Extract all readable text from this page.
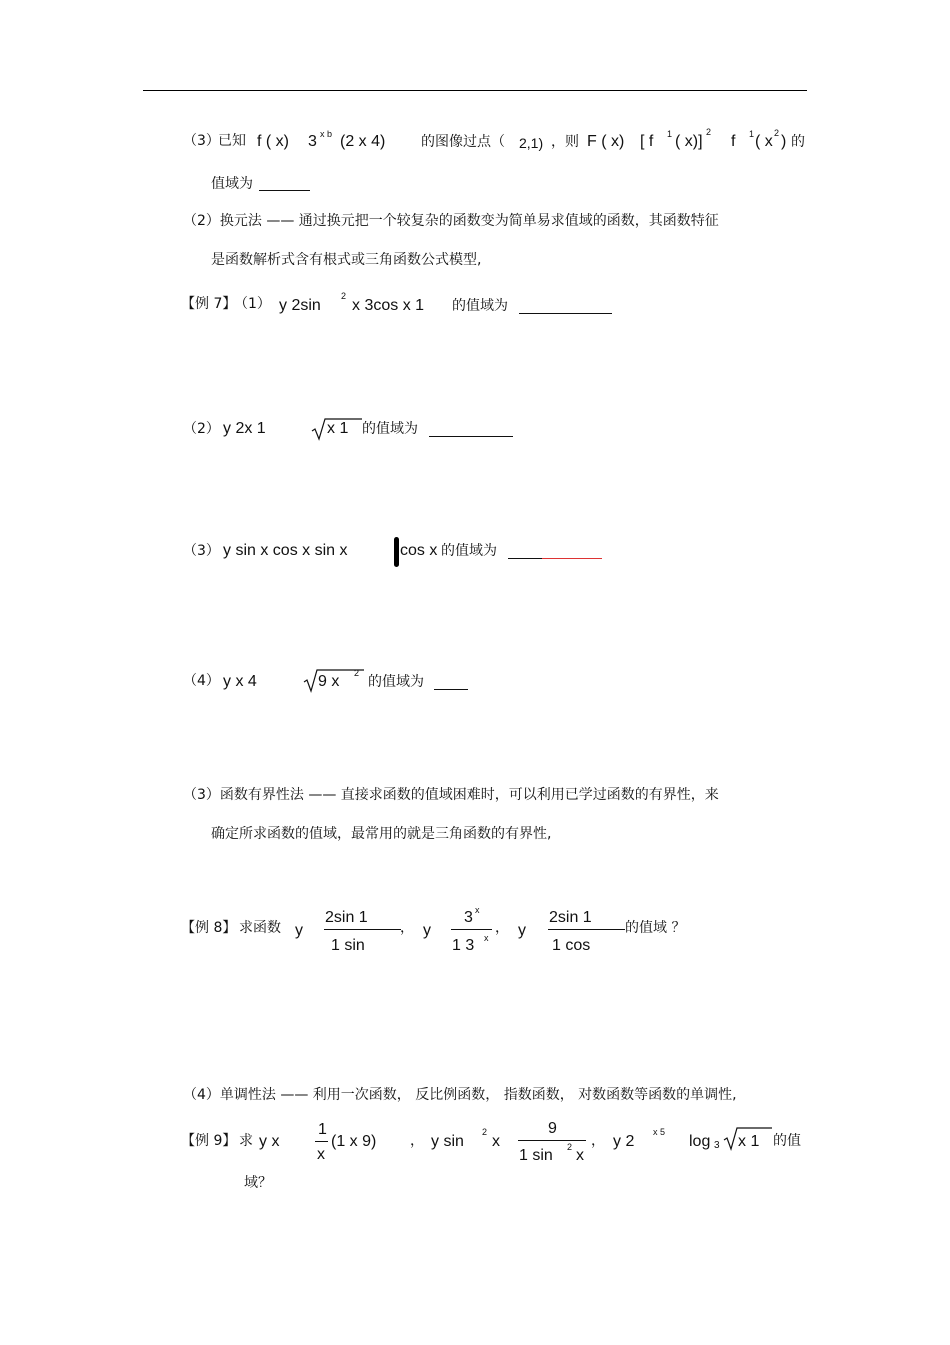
（3）
已知 f ( x) 3 x b (2 x 4)	的图像过点（ 2,1) ，则 F ( x) [ f 1 ( x)]
2
f 1 ( x 2 ) 的
值域为
（2）换元法 —— 通过换元把一个较复杂的函数变为简单易求值域的函数，其函数特征
是函数解析式含有根式或三角函数公式模型,
【例 7】
（1） y 2sin
2
x 3cos x 1 的值域为
（2） y 2x 1	x 1 的值域为
（3） y sin x cos x sin x	cos x 的值域为
（4） y x 4	9 x 2
的值域为
（3）函数有界性法 —— 直接求函数的值域困难时，可以利用已学过函数的有界性，来
确定所求函数的值域，最常用的就是三角函数的有界性,
【例 8】 求函数 y
2sin 1
1 sin
， y
3 x
1 3 x
， y
2sin 1
1 cos
的值域 ？
（4）单调性法 —— 利用一次函数， 反比例函数， 指数函数， 对数函数等函数的单调性,
【例 9】 求 y x
1
x
(1 x 9) ， y sin
2
x
9
1 sin 2 x
， y 2
x 5
log 3 x 1 的值
域？
